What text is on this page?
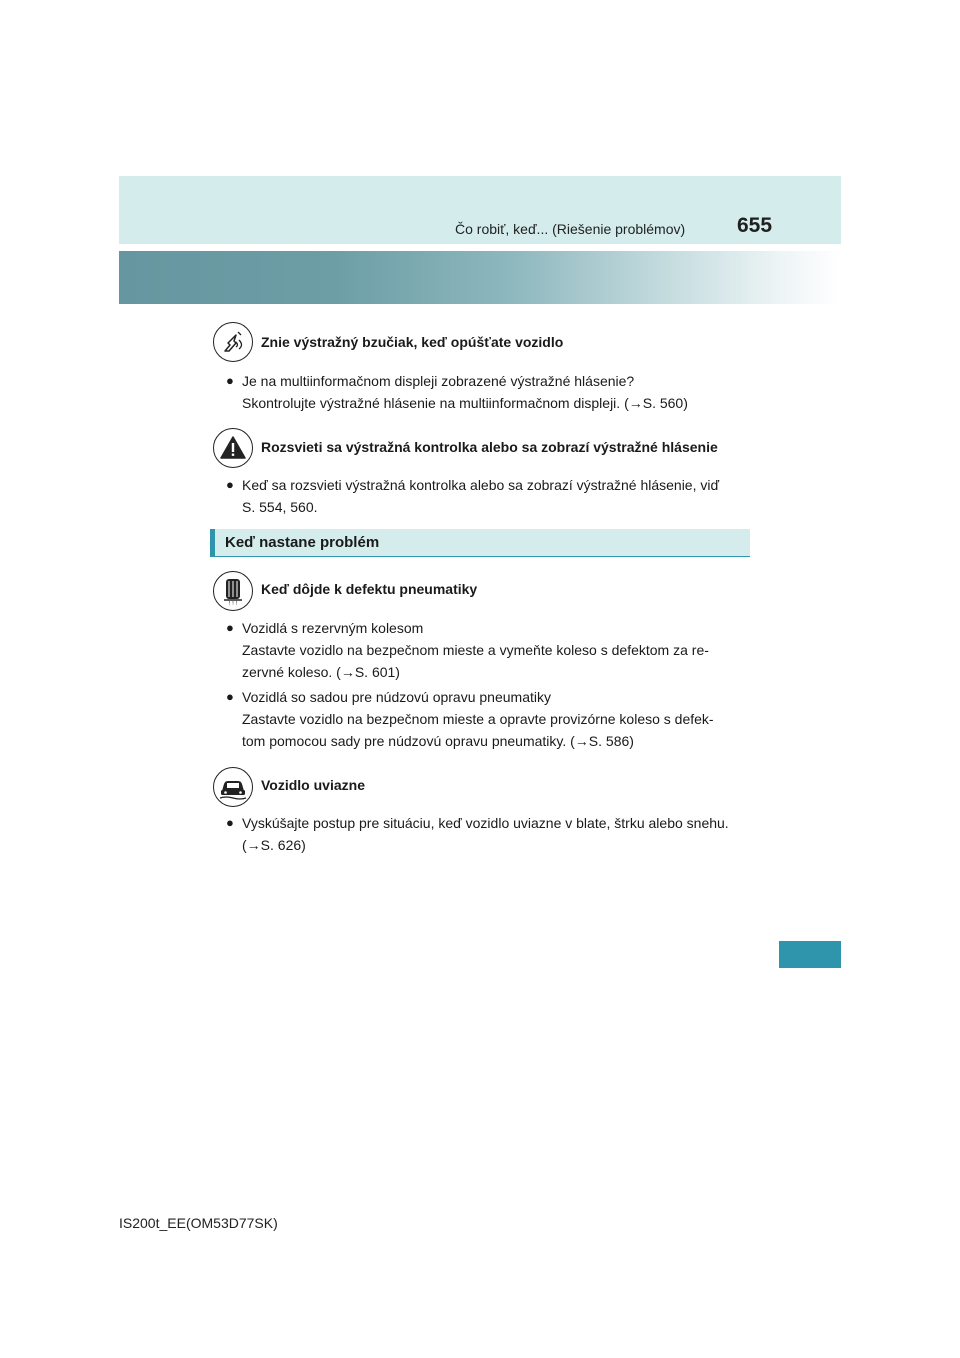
Čo robiť, keď... (Riešenie problémov) 655
Znie výstražný bzučiak, keď opúšťate vozidlo
● Je na multiinformačnom displeji zobrazené výstražné hlásenie?
Skontrolujte výstražné hlásenie na multiinformačnom displeji. (→S. 560)
Rozsvieti sa výstražná kontrolka alebo sa zobrazí výstražné hlásenie
● Keď sa rozsvieti výstražná kontrolka alebo sa zobrazí výstražné hlásenie, viď
S. 554, 560.
Keď nastane problém
! ! !
Keď dôjde k defektu pneumatiky
● Vozidlá s rezervným kolesom
Zastavte vozidlo na bezpečnom mieste a vymeňte koleso s defektom za re-
zervné koleso. (→S. 601)
● Vozidlá so sadou pre núdzovú opravu pneumatiky
Zastavte vozidlo na bezpečnom mieste a opravte provizórne koleso s defek-
tom pomocou sady pre núdzovú opravu pneumatiky. (→S. 586)
Vozidlo uviazne
● Vyskúšajte postup pre situáciu, keď vozidlo uviazne v blate, štrku alebo snehu.
(→S. 626)
IS200t_EE(OM53D77SK)
